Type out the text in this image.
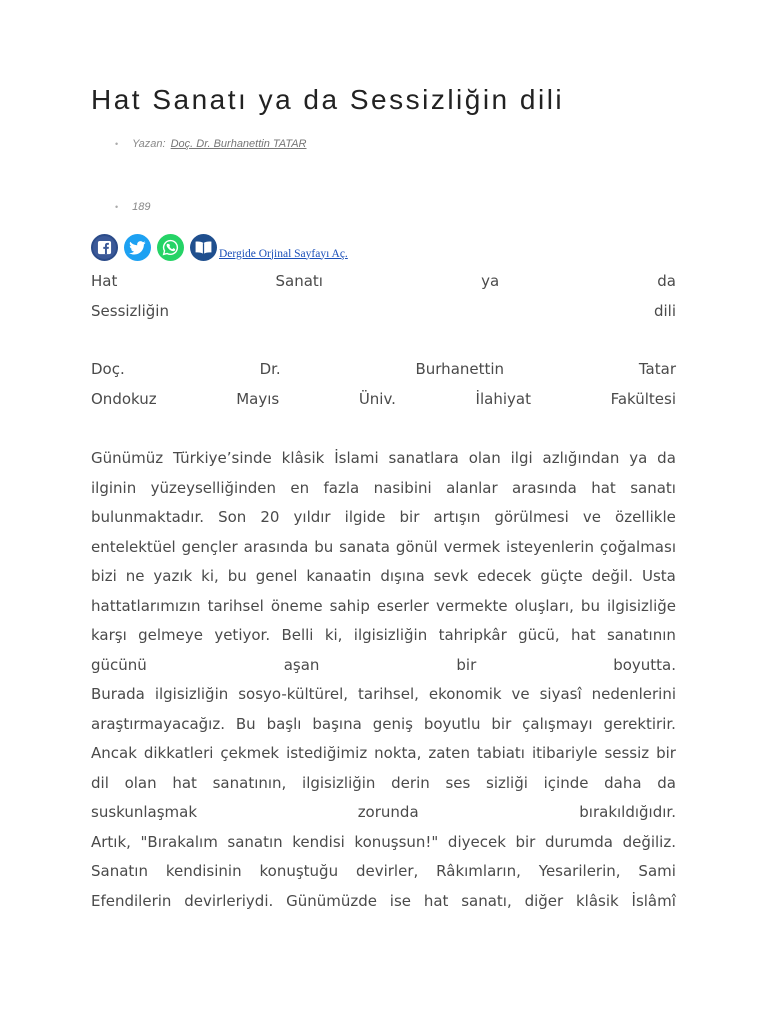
Hat Sanatı ya da Sessizliğin dili
• Yazan: Doç. Dr. Burhanettin TATAR
• 189
Dergide Orjinal Sayfayı Aç.
Hat	Sanatı	ya	da
Sessizliğin	dili
Doç.	Dr.	Burhanettin	Tatar
Ondokuz	Mayıs	Üniv.	İlahiyat	Fakültesi
Günümüz Türkiye’sinde klâsik İslami sanatlara olan ilgi azlığından ya da
ilginin yüzeyselliğinden en fazla nasibini alanlar arasında hat sanatı
bulunmaktadır. Son 20 yıldır ilgide bir artışın görülmesi ve özellikle
entelektüel gençler arasında bu sanata gönül vermek isteyenlerin çoğalması
bizi ne yazık ki, bu genel kanaatin dışına sevk edecek güçte değil. Usta
hattatlarımızın tarihsel öneme sahip eserler vermekte oluşları, bu ilgisizliğe
karşı gelmeye yetiyor. Belli ki, ilgisizliğin tahripkâr gücü, hat sanatının
gücünü	aşan	bir	boyutta.
Burada ilgisizliğin sosyo-kültürel, tarihsel, ekonomik ve siyasî nedenlerini
araştırmayacağız. Bu başlı başına geniş boyutlu bir çalışmayı gerektirir.
Ancak dikkatleri çekmek istediğimiz nokta, zaten tabiatı itibariyle sessiz bir
dil olan hat sanatının, ilgisizliğin derin ses sizliği içinde daha da
suskunlaşmak	zorunda	bırakıldığıdır.
Artık, "Bırakalım sanatın kendisi konuşsun!" diyecek bir durumda değiliz.
Sanatın kendisinin konuştuğu devirler, Râkımların, Yesarilerin, Sami
Efendilerin devirleriydi. Günümüzde ise hat sanatı, diğer klâsik İslâmî
